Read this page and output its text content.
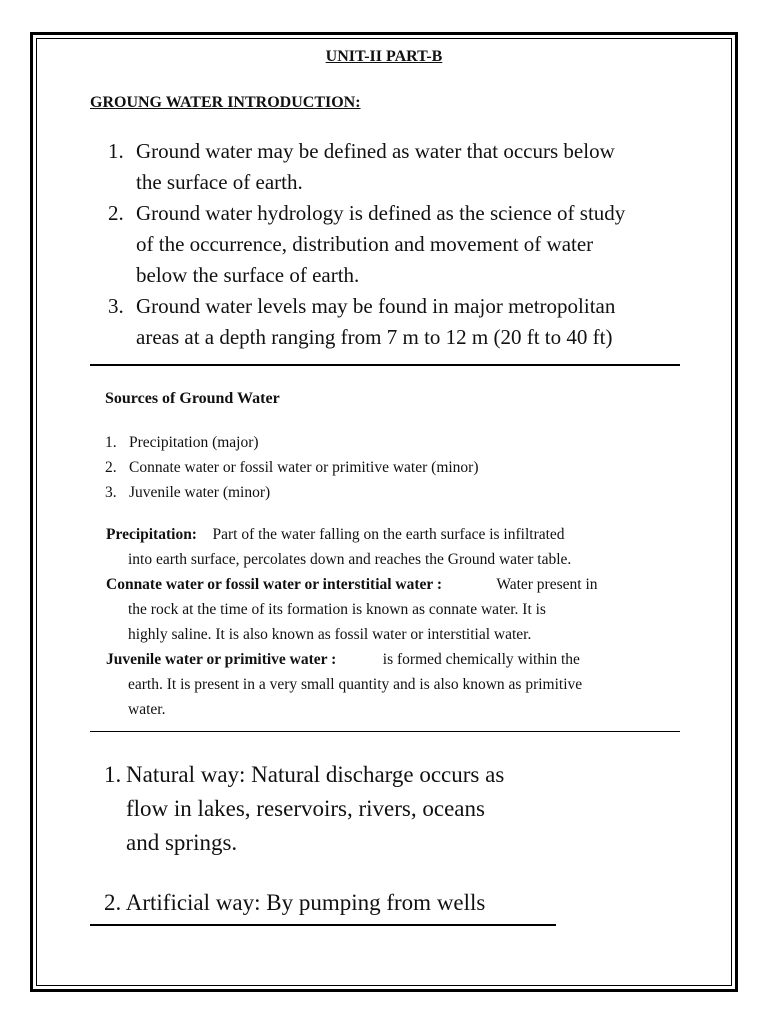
UNIT-II PART-B
GROUNG WATER INTRODUCTION:
1. Ground water may be defined as water that occurs below
the surface of earth.
2. Ground water hydrology is defined as the science of study
of the occurrence, distribution and movement of water
below the surface of earth.
3. Ground water levels may be found in major metropolitan
areas at a depth ranging from 7 m to 12 m (20 ft to 40 ft)
Sources of Ground Water
1. Precipitation (major)
2. Connate water or fossil water or primitive water (minor)
3. Juvenile water (minor)
Precipitation: Part of the water falling on the earth surface is infiltrated
into earth surface, percolates down and reaches the Ground water table.
Connate water or fossil water or interstitial water :	Water present in
the rock at the time of its formation is known as connate water. It is
highly saline. It is also known as fossil water or interstitial water.
Juvenile water or primitive water :	is formed chemically within the
earth. It is present in a very small quantity and is also known as primitive
water.
1. Natural way: Natural discharge occurs as
flow in lakes, reservoirs, rivers, oceans
and springs.
2. Artificial way: By pumping from wells
